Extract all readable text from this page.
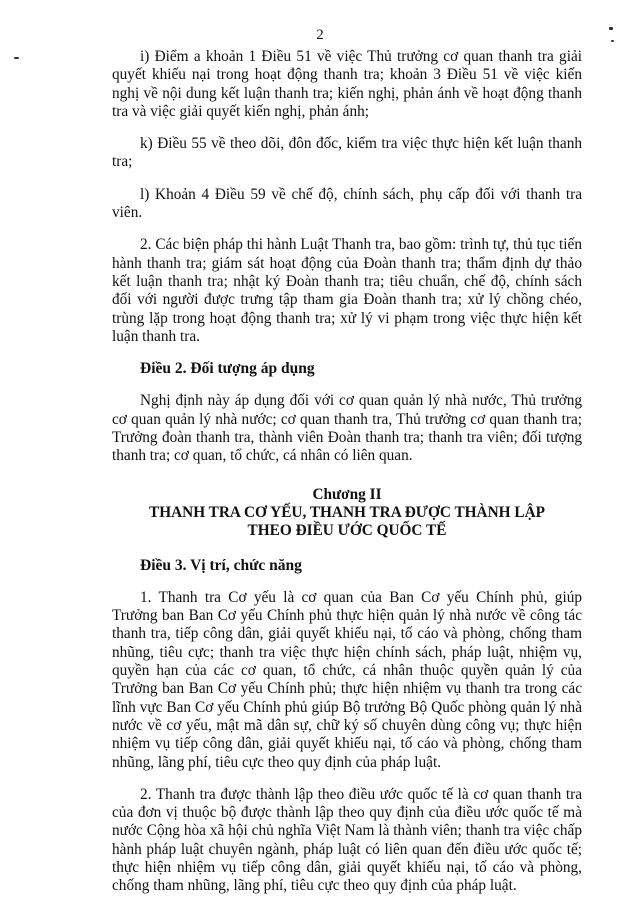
2

i) Điểm a khoản 1 Điều 51 về việc Thủ trưởng cơ quan thanh tra giải quyết khiếu nại trong hoạt động thanh tra; khoản 3 Điều 51 về việc kiến nghị về nội dung kết luận thanh tra; kiến nghị, phản ánh về hoạt động thanh tra và việc giải quyết kiến nghị, phản ánh;

k) Điều 55 về theo dõi, đôn đốc, kiểm tra việc thực hiện kết luận thanh tra;

l) Khoản 4 Điều 59 về chế độ, chính sách, phụ cấp đối với thanh tra viên.

2. Các biện pháp thi hành Luật Thanh tra, bao gồm: trình tự, thủ tục tiến hành thanh tra; giám sát hoạt động của Đoàn thanh tra; thẩm định dự thảo kết luận thanh tra; nhật ký Đoàn thanh tra; tiêu chuẩn, chế độ, chính sách đối với người được trưng tập tham gia Đoàn thanh tra; xử lý chồng chéo, trùng lặp trong hoạt động thanh tra; xử lý vi phạm trong việc thực hiện kết luận thanh tra.

Điều 2. Đối tượng áp dụng

Nghị định này áp dụng đối với cơ quan quản lý nhà nước, Thủ trưởng cơ quan quản lý nhà nước; cơ quan thanh tra, Thủ trưởng cơ quan thanh tra; Trưởng đoàn thanh tra, thành viên Đoàn thanh tra; thanh tra viên; đối tượng thanh tra; cơ quan, tổ chức, cá nhân có liên quan.

Chương II

THANH TRA CƠ YẾU, THANH TRA ĐƯỢC THÀNH LẬP

THEO ĐIỀU ƯỚC QUỐC TẾ

Điều 3. Vị trí, chức năng

1. Thanh tra Cơ yếu là cơ quan của Ban Cơ yếu Chính phủ, giúp Trưởng ban Ban Cơ yếu Chính phủ thực hiện quản lý nhà nước về công tác thanh tra, tiếp công dân, giải quyết khiếu nại, tố cáo và phòng, chống tham nhũng, tiêu cực; thanh tra việc thực hiện chính sách, pháp luật, nhiệm vụ, quyền hạn của các cơ quan, tổ chức, cá nhân thuộc quyền quản lý của Trưởng ban Ban Cơ yếu Chính phủ; thực hiện nhiệm vụ thanh tra trong các lĩnh vực Ban Cơ yếu Chính phủ giúp Bộ trưởng Bộ Quốc phòng quản lý nhà nước về cơ yếu, mật mã dân sự, chữ ký số chuyên dùng công vụ; thực hiện nhiệm vụ tiếp công dân, giải quyết khiếu nại, tố cáo và phòng, chống tham nhũng, lãng phí, tiêu cực theo quy định của pháp luật.

2. Thanh tra được thành lập theo điều ước quốc tế là cơ quan thanh tra của đơn vị thuộc bộ được thành lập theo quy định của điều ước quốc tế mà nước Cộng hòa xã hội chủ nghĩa Việt Nam là thành viên; thanh tra việc chấp hành pháp luật chuyên ngành, pháp luật có liên quan đến điều ước quốc tế; thực hiện nhiệm vụ tiếp công dân, giải quyết khiếu nại, tố cáo và phòng, chống tham nhũng, lãng phí, tiêu cực theo quy định của pháp luật.
